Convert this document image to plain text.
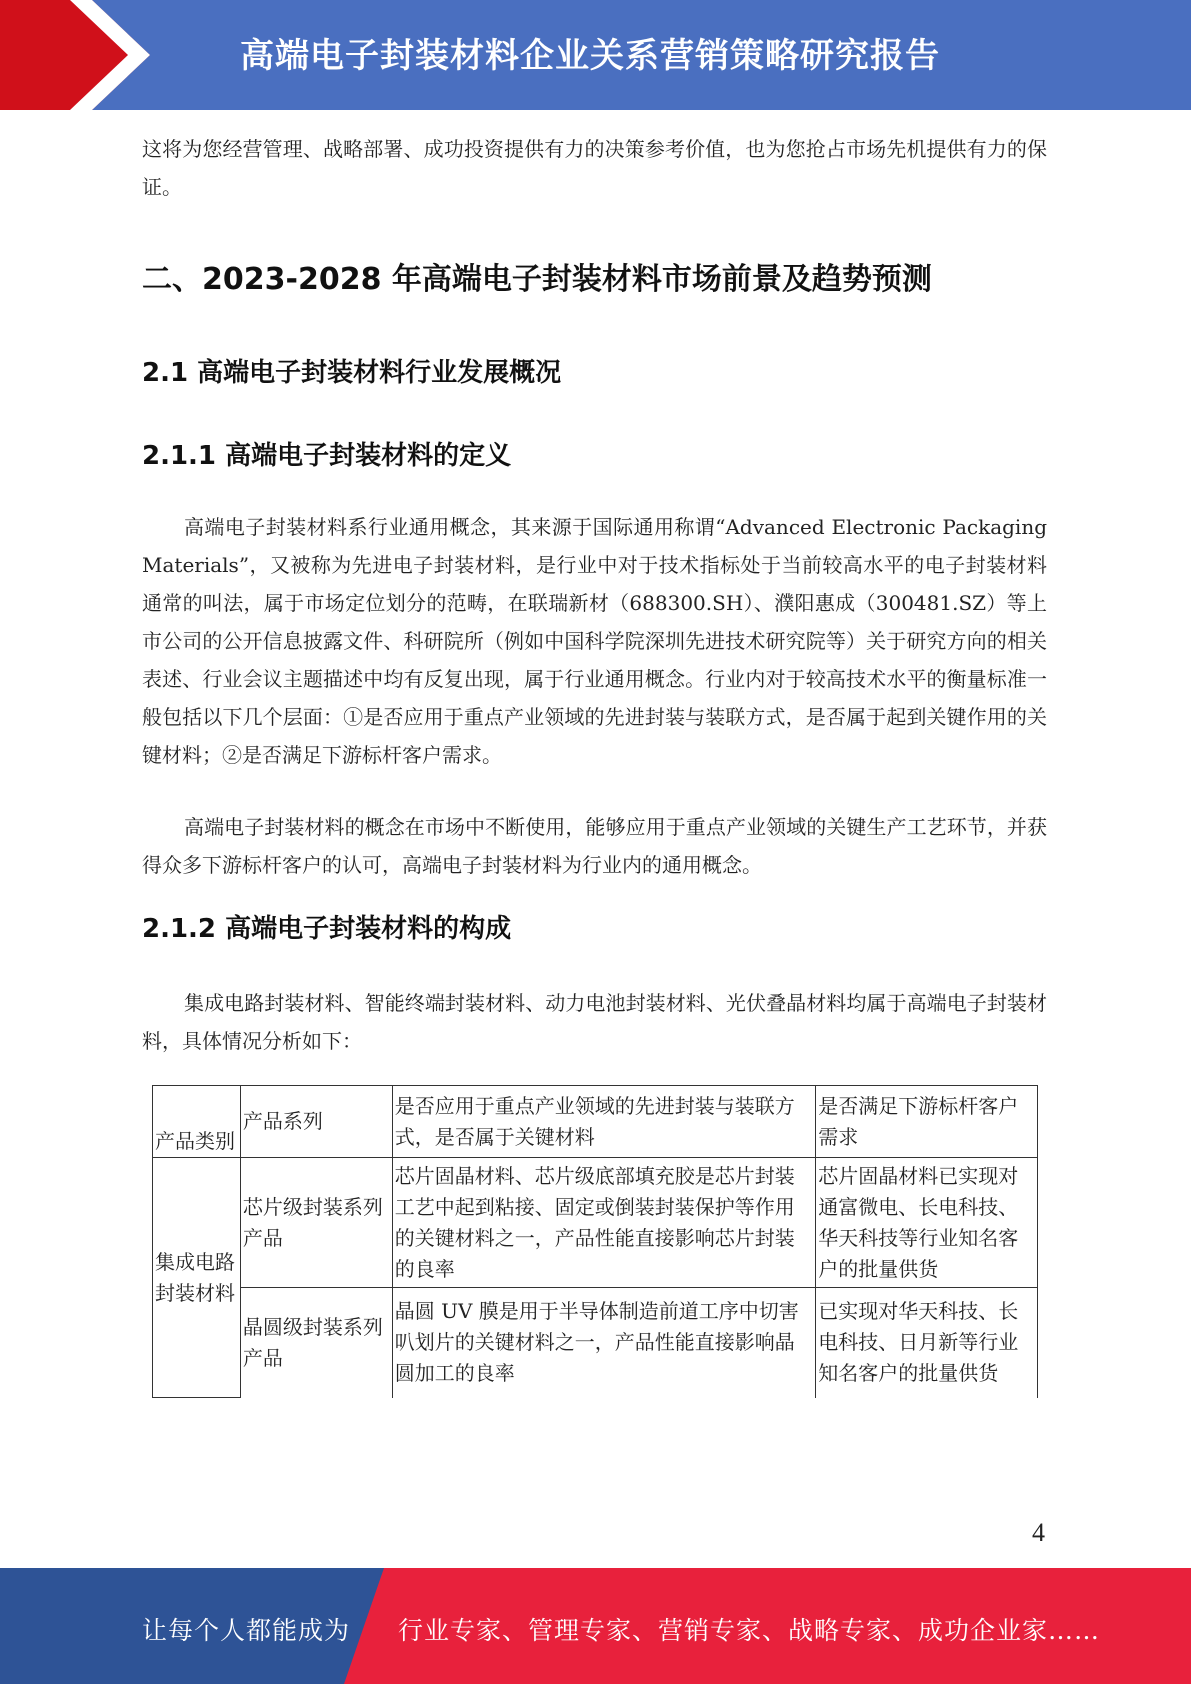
高端电子封装材料企业关系营销策略研究报告

这将为您经营管理、战略部署、成功投资提供有力的决策参考价值，也为您抢占市场先机提供有力的保证。

二、2023-2028 年高端电子封装材料市场前景及趋势预测
2.1 高端电子封装材料行业发展概况
2.1.1 高端电子封装材料的定义

高端电子封装材料系行业通用概念，其来源于国际通用称谓“Advanced Electronic Packaging Materials”，又被称为先进电子封装材料，是行业中对于技术指标处于当前较高水平的电子封装材料通常的叫法，属于市场定位划分的范畴，在联瑞新材（688300.SH）、濮阳惠成（300481.SZ）等上市公司的公开信息披露文件、科研院所（例如中国科学院深圳先进技术研究院等）关于研究方向的相关表述、行业会议主题描述中均有反复出现，属于行业通用概念。行业内对于较高技术水平的衡量标准一般包括以下几个层面：①是否应用于重点产业领域的先进封装与装联方式，是否属于起到关键作用的关键材料；②是否满足下游标杆客户需求。

高端电子封装材料的概念在市场中不断使用，能够应用于重点产业领域的关键生产工艺环节，并获得众多下游标杆客户的认可，高端电子封装材料为行业内的通用概念。

2.1.2 高端电子封装材料的构成

集成电路封装材料、智能终端封装材料、动力电池封装材料、光伏叠晶材料均属于高端电子封装材料，具体情况分析如下：

产品类别	产品系列	是否应用于重点产业领域的先进封装与装联方式，是否属于关键材料	是否满足下游标杆客户需求
集成电路封装材料	芯片级封装系列产品	芯片固晶材料、芯片级底部填充胶是芯片封装工艺中起到粘接、固定或倒装封装保护等作用的关键材料之一，产品性能直接影响芯片封装的良率	芯片固晶材料已实现对通富微电、长电科技、华天科技等行业知名客户的批量供货
	晶圆级封装系列产品	晶圆 UV 膜是用于半导体制造前道工序中切害叭划片的关键材料之一，产品性能直接影响晶圆加工的良率	已实现对华天科技、长电科技、日月新等行业知名客户的批量供货
4
让每个人都能成为 行业专家、管理专家、营销专家、战略专家、成功企业家……
